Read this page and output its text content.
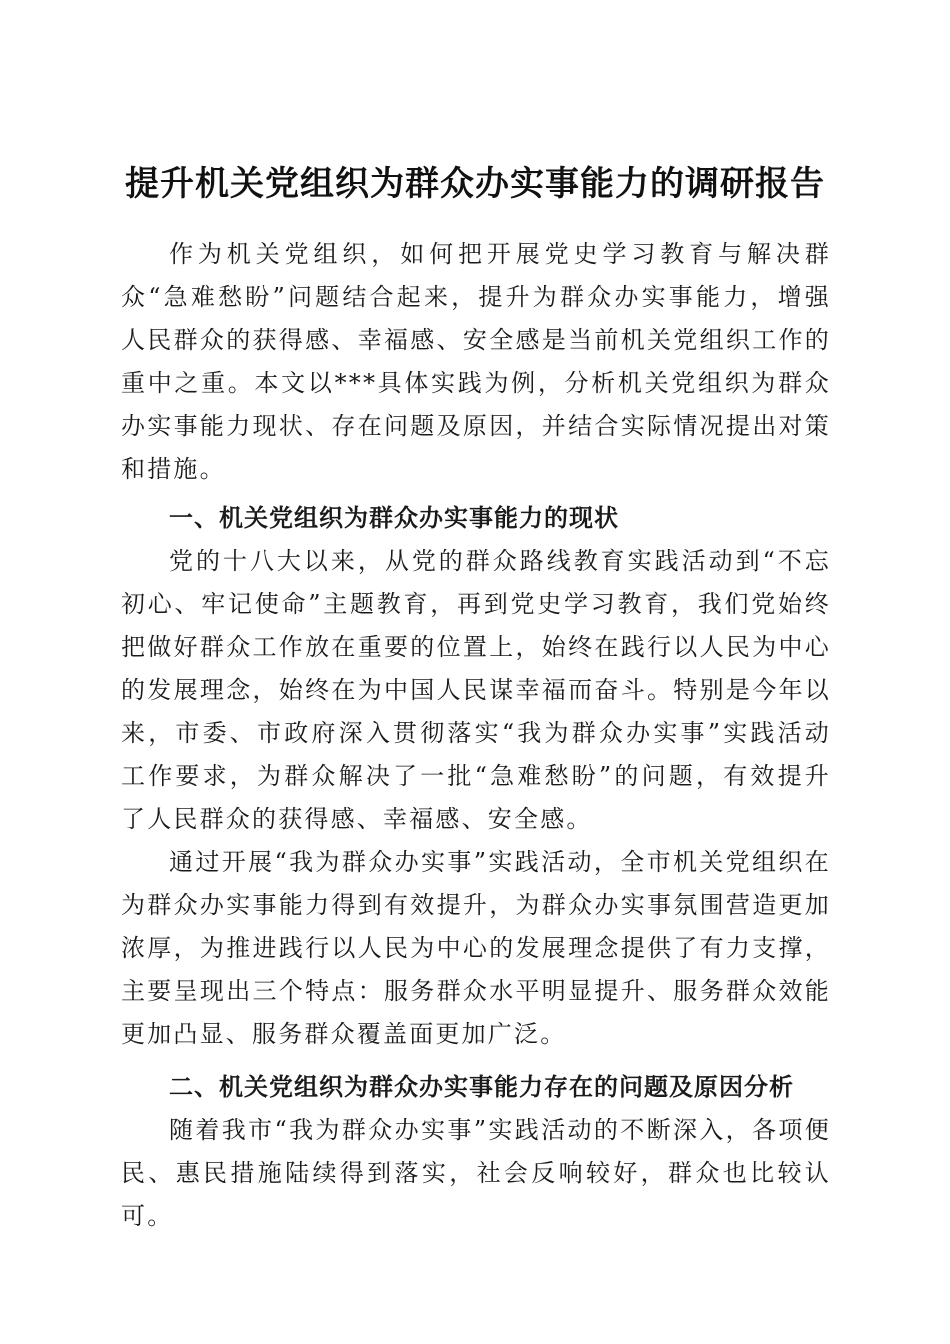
提升机关党组织为群众办实事能力的调研报告

作为机关党组织，如何把开展党史学习教育与解决群众“急难愁盼”问题结合起来，提升为群众办实事能力，增强人民群众的获得感、幸福感、安全感是当前机关党组织工作的重中之重。本文以***具体实践为例，分析机关党组织为群众办实事能力现状、存在问题及原因，并结合实际情况提出对策和措施。

一、机关党组织为群众办实事能力的现状

党的十八大以来，从党的群众路线教育实践活动到“不忘初心、牢记使命”主题教育，再到党史学习教育，我们党始终把做好群众工作放在重要的位置上，始终在践行以人民为中心的发展理念，始终在为中国人民谋幸福而奋斗。特别是今年以来，市委、市政府深入贯彻落实“我为群众办实事”实践活动工作要求，为群众解决了一批“急难愁盼”的问题，有效提升了人民群众的获得感、幸福感、安全感。

通过开展“我为群众办实事”实践活动，全市机关党组织在为群众办实事能力得到有效提升，为群众办实事氛围营造更加浓厚，为推进践行以人民为中心的发展理念提供了有力支撑，主要呈现出三个特点：服务群众水平明显提升、服务群众效能更加凸显、服务群众覆盖面更加广泛。

二、机关党组织为群众办实事能力存在的问题及原因分析

随着我市“我为群众办实事”实践活动的不断深入，各项便民、惠民措施陆续得到落实，社会反响较好，群众也比较认可。
